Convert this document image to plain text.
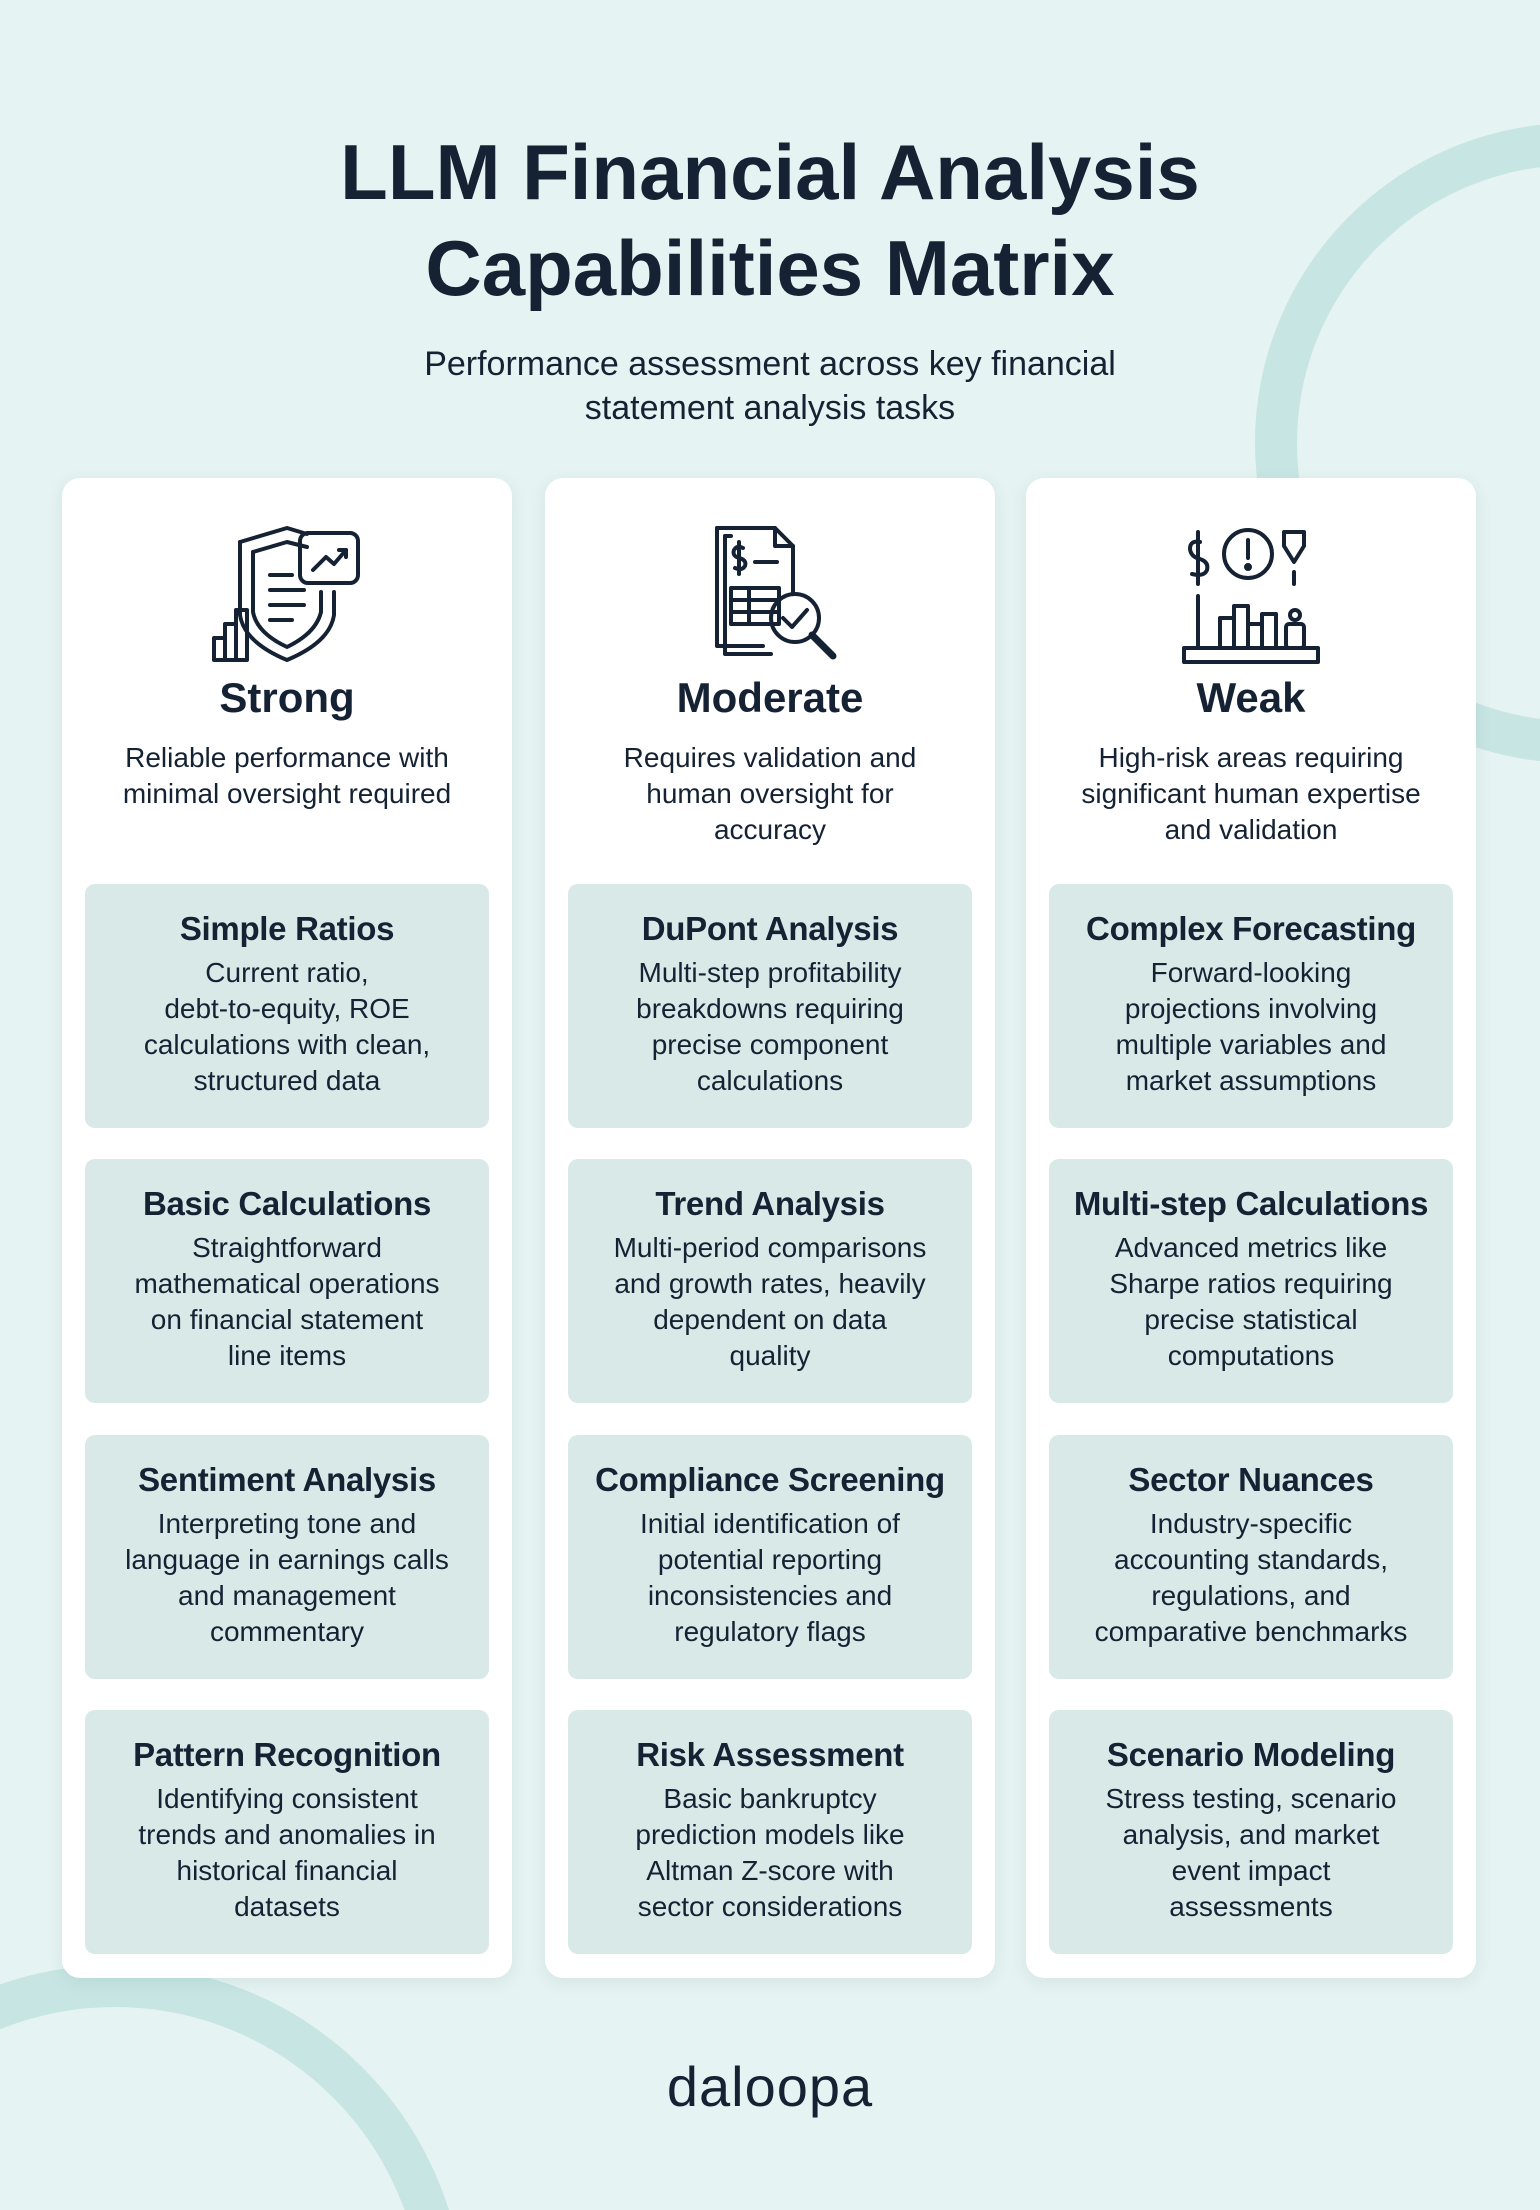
LLM Financial Analysis
Capabilities Matrix

Performance assessment across key financial
statement analysis tasks

Strong
Reliable performance with
minimal oversight required
Simple Ratios
Current ratio,
debt-to-equity, ROE
calculations with clean,
structured data
Basic Calculations
Straightforward
mathematical operations
on financial statement
line items
Sentiment Analysis
Interpreting tone and
language in earnings calls
and management
commentary
Pattern Recognition
Identifying consistent
trends and anomalies in
historical financial
datasets
Moderate
Requires validation and
human oversight for
accuracy
DuPont Analysis
Multi-step profitability
breakdowns requiring
precise component
calculations
Trend Analysis
Multi-period comparisons
and growth rates, heavily
dependent on data
quality
Compliance Screening
Initial identification of
potential reporting
inconsistencies and
regulatory flags
Risk Assessment
Basic bankruptcy
prediction models like
Altman Z-score with
sector considerations
Weak
High-risk areas requiring
significant human expertise
and validation
Complex Forecasting
Forward-looking
projections involving
multiple variables and
market assumptions
Multi-step Calculations
Advanced metrics like
Sharpe ratios requiring
precise statistical
computations
Sector Nuances
Industry-specific
accounting standards,
regulations, and
comparative benchmarks
Scenario Modeling
Stress testing, scenario
analysis, and market
event impact
assessments
daloopa
